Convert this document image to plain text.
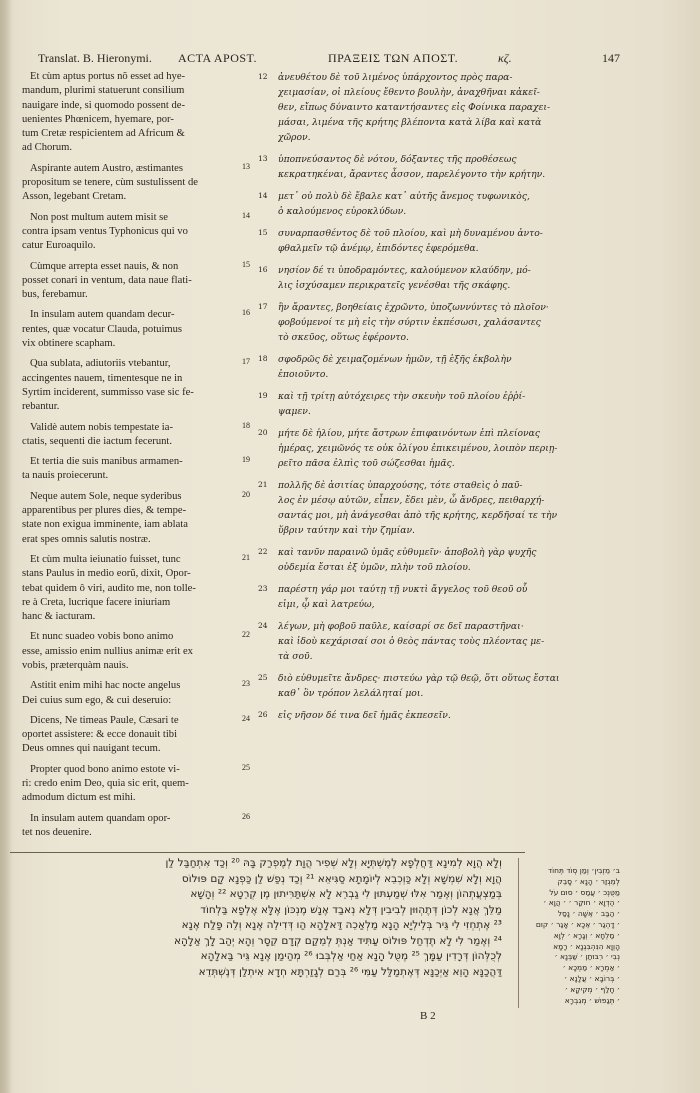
Translat. B. Hieronymi. ACTA APOST.	ΠΡΑΞΕΙΣ ΤΩΝ ΑΠΟΣΤ.	κζ.	147
Et cùm aptus portus nõ esset ad hye-
mandum, plurimi statuerunt consilium
nauigare inde, si quomodo possent de-
uenientes Phœnicem, hyemare, por-
tum Cretæ respicientem ad Africum &
ad Chorum.
Aspirante autem Austro, æstimantes
propositum se tenere, cùm sustulissent de
Asson, legebant Cretam.
13
Non post multum autem misit se
contra ipsam ventus Typhonicus qui vo
catur Euroaquilo.
14
Cùmque arrepta esset nauis, & non
posset conari in ventum, data naue flati-
bus, ferebamur.
15
In insulam autem quandam decur-
rentes, quæ vocatur Clauda, potuimus
vix obtinere scapham.
16
Qua sublata, adiutoriis vtebantur,
accingentes nauem, timentesque ne in
Syrtim inciderent, summisso vase sic fe-
rebantur.
17
Validè autem nobis tempestate ia-
ctatis, sequenti die iactum fecerunt.
18
Et tertia die suis manibus armamen-
ta nauis proiecerunt.
19
Neque autem Sole, neque syderibus
apparentibus per plures dies, & tempe-
state non exigua imminente, iam ablata
erat spes omnis salutis nostræ.
20
Et cùm multa ieiunatio fuisset, tunc
stans Paulus in medio eorũ, dixit, Opor-
tebat quidem ô viri, audito me, non tolle-
re à Creta, lucrique facere iniuriam
hanc & iacturam.
21
Et nunc suadeo vobis bono animo
esse, amissio enim nullius animæ erit ex
vobis, præterquàm nauis.
22
Astitit enim mihi hac nocte angelus
Dei cuius sum ego, & cui deseruio:
23
Dicens, Ne timeas Paule, Cæsari te
oportet assistere: & ecce donauit tibi
Deus omnes qui nauigant tecum.
24
Propter quod bono animo estote vi-
ri: credo enim Deo, quia sic erit, quem-
admodum dictum est mihi.
25
In insulam autem quandam opor-
tet nos deuenire.
26
12 ἀνευθέτου δὲ τοῦ λιμένος ὑπάρχοντος πρὸς παρα-
χειμασίαν, οἱ πλείους ἔθεντο βουλὴν, ἀναχθῆναι κἀκεῖ-
θεν, εἴπως δύναιντο καταντήσαντες εἰς Φοίνικα παραχει-
μάσαι, λιμένα τῆς κρήτης βλέποντα κατὰ λίβα καὶ κατὰ
χῶρον.
13 ὑποπνεύσαντος δὲ νότου, δόξαντες τῆς προθέσεως
κεκρατηκέναι, ἄραντες ἆσσον, παρελέγοντο τὴν κρήτην.
14 μετ᾽ οὐ πολὺ δὲ ἔβαλε κατ᾽ αὐτῆς ἄνεμος τυφωνικὸς,
ὁ καλούμενος εὐροκλύδων.
15 συναρπασθέντος δὲ τοῦ πλοίου, καὶ μὴ δυναμένου ἀντο-
φθαλμεῖν τῷ ἀνέμῳ, ἐπιδόντες ἐφερόμεθα.
16 νησίον δέ τι ὑποδραμόντες, καλούμενον κλαύδην, μό-
λις ἰσχύσαμεν περικρατεῖς γενέσθαι τῆς σκάφης.
17 ἣν ἄραντες, βοηθείαις ἐχρῶντο, ὑποζωννύντες τὸ πλοῖον·
φοβούμενοί τε μὴ εἰς τὴν σύρτιν ἐκπέσωσι, χαλάσαντες
τὸ σκεῦος, οὕτως ἐφέροντο.
18 σφοδρῶς δὲ χειμαζομένων ἡμῶν, τῇ ἑξῆς ἐκβολὴν
ἐποιοῦντο.
19 καὶ τῇ τρίτῃ αὐτόχειρες τὴν σκευὴν τοῦ πλοίου ἐῤῥί-
ψαμεν.
20 μήτε δὲ ἡλίου, μήτε ἄστρων ἐπιφαινόντων ἐπὶ πλείονας
ἡμέρας, χειμῶνός τε οὐκ ὀλίγου ἐπικειμένου, λοιπὸν περιῃ-
ρεῖτο πᾶσα ἐλπὶς τοῦ σώζεσθαι ἡμᾶς.
21 πολλῆς δὲ ἀσιτίας ὑπαρχούσης, τότε σταθεὶς ὁ παῦ-
λος ἐν μέσῳ αὐτῶν, εἶπεν, ἔδει μὲν, ὦ ἄνδρες, πειθαρχή-
σαντάς μοι, μὴ ἀνάγεσθαι ἀπὸ τῆς κρήτης, κερδῆσαί τε τὴν
ὕβριν ταύτην καὶ τὴν ζημίαν.
22 καὶ τανῦν παραινῶ ὑμᾶς εὐθυμεῖν· ἀποβολὴ γὰρ ψυχῆς
οὐδεμία ἔσται ἐξ ὑμῶν, πλὴν τοῦ πλοίου.
23 παρέστη γάρ μοι ταύτῃ τῇ νυκτὶ ἄγγελος τοῦ θεοῦ οὗ
εἰμι, ᾧ καὶ λατρεύω,
24 λέγων, μὴ φοβοῦ παῦλε, καίσαρί σε δεῖ παραστῆναι·
καὶ ἰδοὺ κεχάρισαί σοι ὁ θεὸς πάντας τοὺς πλέοντας με-
τὰ σοῦ.
25 διὸ εὐθυμεῖτε ἄνδρες· πιστεύω γὰρ τῷ θεῷ, ὅτι οὕτως ἔσται
καθ᾽ ὃν τρόπον λελάληταί μοι.
26 εἰς νῆσον δέ τινα δεῖ ἡμᾶς ἐκπεσεῖν.
וְלָא הֲוָא לְמִינָא דַּחֲלְפָא לְמֶשְׁתְּיָא וְלָא שְׁפִיר הֲוָת לְמֶפְרַק בָּהּ ²⁰ וְכַד אִתְחַבַּל לַן
הֲוָא וְלָא שִׁמְשָׁא וְלָא כַּוְכְבֵא לְיוֹמָתָא סַגִּיאֵא ²¹ וְכַד נְפַשׁ לַן כַּפְנָא קָם פּוּלוֹס
בְּמַצְעֲתְהוֹן וְאֶמַר אִלּוּ שְׁמַעְתּוּן לִי גַבְרֵא לָא אִשְׁתַּרִּיתוּן מֶן קְרֵטָא ²² וְהָשָׁא
מַלֵּךְ אֲנָא לְכוֹן דְּתֶהְוּוּן לְבִיבִין דְּלָא נְאבַד אֶנָשׁ מֶנְכּוֹן אֶלָּא אֶלְפָא בַּלְחוֹד
²³ אֶתְחְזִי לִי גֵּיר בְּלֵילְיָא הָנָא מַלְאַכֵה דַּאלָהָא הַו דְּדִילֵה אֶנָא וְלֵה פָּלַח אֶנָא
²⁴ וְאֶמַר לִי לָא תֶדְחַל פּוּלוֹס עַתִּיד אַנְתְּ לְמֵקַם קְדָם קֵסָר וְהָא יְהַב לָךְ אַלָהָא
לְכֻלְּהוֹן דְּרָדִין עַמָּךְ ²⁵ מֶטֻּל הָנָא אַחַי אַלְבְּבוּ ²⁶ מְהַימַן אֶנָא גֵּיר בַּאלָהָא
דַּהֲכַנָּא הָוֵא אַיְכַנָּא דְּאֶתְמַלַּל עַמִּי ²⁶ בְּרַם לְגָזַרְתָּא חְדָא אִיתְלַן דְּנֶשְׁתְּדֵא
ב׳ מֵזְבִין׳ וְמַן סְוֹד תְּחוֹד
לְמֵגְזַר ׳ הָנָא ׳ סָבֵק
מַטֻּנְכ ׳ עֲמַס ׳ סוּם עֹל
׳ הֶדְוָא ׳ חוּקַר ׳ ׳ הֲוָא ׳
׳ הַבַּב ׳ אֵשָׁה ׳ נָסַל
׳ דָהְגַר ׳ אֵכָא ׳ אָגַר ׳ קוּם
׳ מַלְחָא ׳ וְגָרָא ׳ לְוָא
הָוְוָא הִנִּהְבִּגְנָא ׳ רָמָא
נְבִי ׳ רִבּוּתַן ׳ שַׁבְּנָא ׳
׳ אַמְרָא ׳ מַמְכָא ׳
׳ בְּרוֹבָא ׳ עֲלָנָא ׳
׳ חָלַף ׳ מְקִיקָא ׳
׳ תְּגַפוּשׁ ׳ מְגִבְרָא
B 2
